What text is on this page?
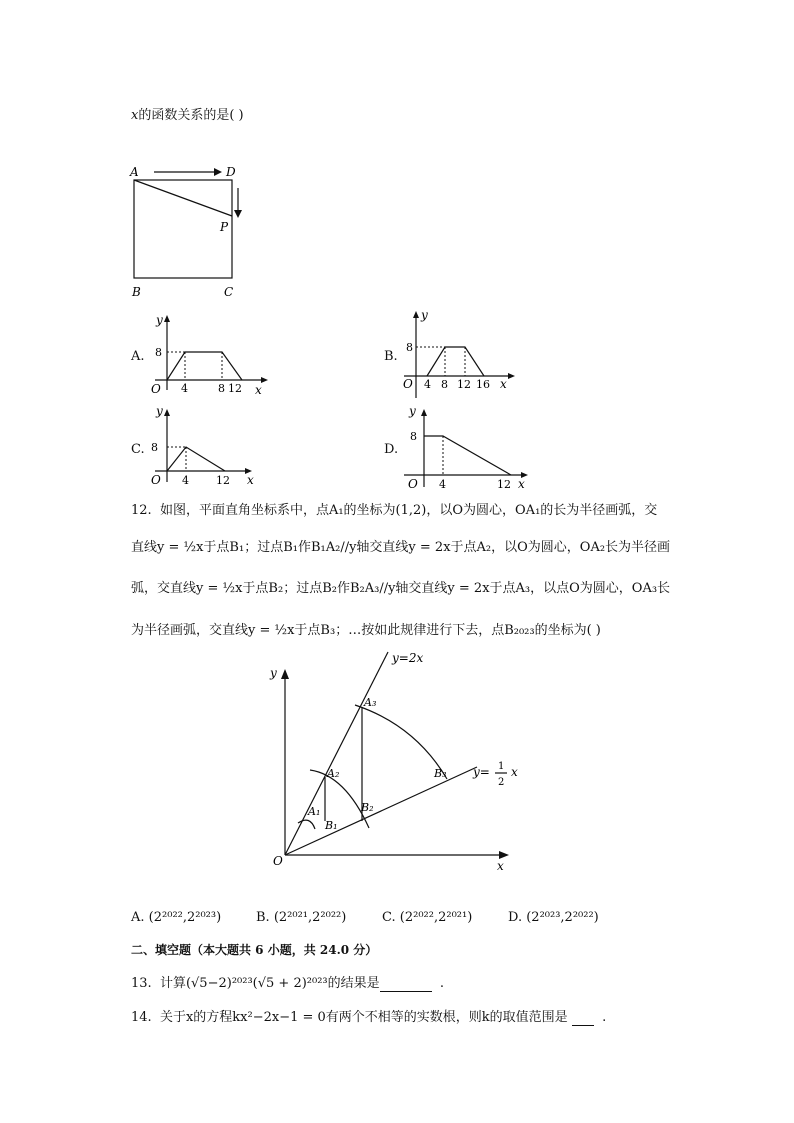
x的函数关系的是( )
A	D
P
B	C
A.
y
x
O
8
4	8 12
B.
y
x
O
8
4 8 12 16
C.
y
x
O
8
4 12
D.
y
x
O
8
4	12
12. 如图，平面直角坐标系中，点A₁的坐标为(1,2)，以O为圆心，OA₁的长为半径画弧，交
直线y = ½x于点B₁；过点B₁作B₁A₂//y轴交直线y = 2x于点A₂，以O为圆心，OA₂长为半径画
弧，交直线y = ½x于点B₂；过点B₂作B₂A₃//y轴交直线y = 2x于点A₃，以点O为圆心，OA₃长
为半径画弧，交直线y = ½x于点B₃；…按如此规律进行下去，点B₂₀₂₃的坐标为( )
y
x
O
y=2x
y= 1
2
x
A₁
A₂
A₃
B₁
B₂
B₃
A. (2²⁰²²,2²⁰²³)	B. (2²⁰²¹,2²⁰²²)	C. (2²⁰²²,2²⁰²¹)	D. (2²⁰²³,2²⁰²²)
二、填空题（本大题共 6 小题，共 24.0 分）
13. 计算(√5−2)²⁰²³(√5 + 2)²⁰²³的结果是	.
14. 关于x的方程kx²−2x−1 = 0有两个不相等的实数根，则k的取值范围是	.
